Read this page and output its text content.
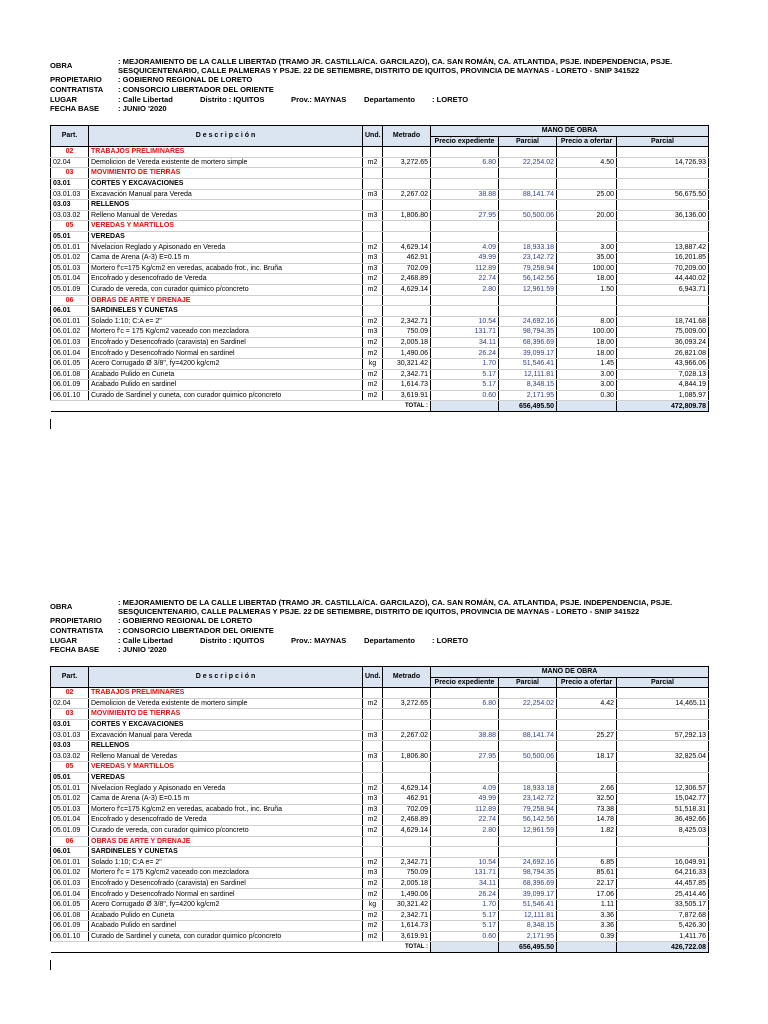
OBRA	: MEJORAMIENTO DE LA CALLE LIBERTAD (TRAMO JR. CASTILLA/CA. GARCILAZO), CA. SAN ROMÁN, CA. ATLANTIDA, PSJE. INDEPENDENCIA, PSJE.
SESQUICENTENARIO, CALLE PALMERAS Y PSJE. 22 DE SETIEMBRE, DISTRITO DE IQUITOS, PROVINCIA DE MAYNAS - LORETO - SNIP 341522
PROPIETARIO : GOBIERNO REGIONAL DE LORETO
CONTRATISTA : CONSORCIO LIBERTADOR DEL ORIENTE
LUGAR	: Calle Libertad	Distrito : IQUITOS	Prov.: MAYNAS Departamento : LORETO
FECHA BASE : JUNIO '2020
Part.	D e s c r i p c i ó n	Und.	Metrado	MANO DE OBRA			
				Precio expediente	Parcial	Precio a ofertar	Parcial
02	TRABAJOS PRELIMINARES						
02.04	Demolicion de Vereda existente de mortero simple	m2	3,272.65	6.80	22,254.02	4.50	14,726.93
03	MOVIMIENTO DE TIERRAS						
03.01	CORTES Y EXCAVACIONES						
03.01.03	Excavación Manual para Vereda	m3	2,267.02	38.88	88,141.74	25.00	56,675.50
03.03	RELLENOS						
03.03.02	Relleno Manual de Veredas	m3	1,806.80	27.95	50,500.06	20.00	36,136.00
05	VEREDAS Y MARTILLOS						
05.01	VEREDAS						
05.01.01	Nivelacion Reglado y Apisonado en Vereda	m2	4,629.14	4.09	18,933.18	3.00	13,887.42
05.01.02	Cama de Arena (A-3) E=0.15 m	m3	462.91	49.99	23,142.72	35.00	16,201.85
05.01.03	Mortero f'c=175 Kg/cm2 en veredas, acabado frot., inc. Bruña	m3	702.09	112.89	79,258.94	100.00	70,209.00
05.01.04	Encofrado y desencofrado de Vereda	m2	2,468.89	22.74	56,142.56	18.00	44,440.02
05.01.09	Curado de vereda, con curador quimico p/concreto	m2	4,629.14	2.80	12,961.59	1.50	6,943.71
06	OBRAS DE ARTE Y DRENAJE						
06.01	SARDINELES Y CUNETAS						
06.01.01	Solado 1:10; C:A e= 2"	m2	2,342.71	10.54	24,692.16	8.00	18,741.68
06.01.02	Mortero f'c = 175 Kg/cm2 vaceado con mezcladora	m3	750.09	131.71	98,794.35	100.00	75,009.00
06.01.03	Encofrado y Desencofrado (caravista) en Sardinel	m2	2,005.18	34.11	68,396.69	18.00	36,093.24
06.01.04	Encofrado y Desencofrado Normal en sardinel	m2	1,490.06	26.24	39,099.17	18.00	26,821.08
06.01.05	Acero Corrugado Ø 3/8", fy=4200 kg/cm2	kg	30,321.42	1.70	51,546.41	1.45	43,966.06
06.01.08	Acabado Pulido en Cuneta	m2	2,342.71	5.17	12,111.81	3.00	7,028.13
06.01.09	Acabado Pulido en sardinel	m2	1,614.73	5.17	8,348.15	3.00	4,844.19
06.01.10	Curado de Sardinel y cuneta, con curador quimico p/concreto	m2	3,619.91	0.60	2,171.95	0.30	1,085.97
TOTAL :					656,495.50		472,809.78
OBRA	: MEJORAMIENTO DE LA CALLE LIBERTAD (TRAMO JR. CASTILLA/CA. GARCILAZO), CA. SAN ROMÁN, CA. ATLANTIDA, PSJE. INDEPENDENCIA, PSJE.
SESQUICENTENARIO, CALLE PALMERAS Y PSJE. 22 DE SETIEMBRE, DISTRITO DE IQUITOS, PROVINCIA DE MAYNAS - LORETO - SNIP 341522
PROPIETARIO : GOBIERNO REGIONAL DE LORETO
CONTRATISTA : CONSORCIO LIBERTADOR DEL ORIENTE
LUGAR	: Calle Libertad	Distrito : IQUITOS	Prov.: MAYNAS Departamento : LORETO
FECHA BASE : JUNIO '2020
Part.	D e s c r i p c i ó n	Und.	Metrado	MANO DE OBRA			
				Precio expediente	Parcial	Precio a ofertar	Parcial
02	TRABAJOS PRELIMINARES						
02.04	Demolicion de Vereda existente de mortero simple	m2	3,272.65	6.80	22,254.02	4.42	14,465.11
03	MOVIMIENTO DE TIERRAS						
03.01	CORTES Y EXCAVACIONES						
03.01.03	Excavación Manual para Vereda	m3	2,267.02	38.88	88,141.74	25.27	57,292.13
03.03	RELLENOS						
03.03.02	Relleno Manual de Veredas	m3	1,806.80	27.95	50,500.06	18.17	32,825.04
05	VEREDAS Y MARTILLOS						
05.01	VEREDAS						
05.01.01	Nivelacion Reglado y Apisonado en Vereda	m2	4,629.14	4.09	18,933.18	2.66	12,306.57
05.01.02	Cama de Arena (A-3) E=0.15 m	m3	462.91	49.99	23,142.72	32.50	15,042.77
05.01.03	Mortero f'c=175 Kg/cm2 en veredas, acabado frot., inc. Bruña	m3	702.09	112.89	79,258.94	73.38	51,518.31
05.01.04	Encofrado y desencofrado de Vereda	m2	2,468.89	22.74	56,142.56	14.78	36,492.66
05.01.09	Curado de vereda, con curador quimico p/concreto	m2	4,629.14	2.80	12,961.59	1.82	8,425.03
06	OBRAS DE ARTE Y DRENAJE						
06.01	SARDINELES Y CUNETAS						
06.01.01	Solado 1:10; C:A e= 2"	m2	2,342.71	10.54	24,692.16	6.85	16,049.91
06.01.02	Mortero f'c = 175 Kg/cm2 vaceado con mezcladora	m3	750.09	131.71	98,794.35	85.61	64,216.33
06.01.03	Encofrado y Desencofrado (caravista) en Sardinel	m2	2,005.18	34.11	68,396.69	22.17	44,457.85
06.01.04	Encofrado y Desencofrado Normal en sardinel	m2	1,490.06	26.24	39,099.17	17.06	25,414.46
06.01.05	Acero Corrugado Ø 3/8", fy=4200 kg/cm2	kg	30,321.42	1.70	51,546.41	1.11	33,505.17
06.01.08	Acabado Pulido en Cuneta	m2	2,342.71	5.17	12,111.81	3.36	7,872.68
06.01.09	Acabado Pulido en sardinel	m2	1,614.73	5.17	8,348.15	3.36	5,426.30
06.01.10	Curado de Sardinel y cuneta, con curador quimico p/concreto	m2	3,619.91	0.60	2,171.95	0.39	1,411.76
TOTAL :					656,495.50		426,722.08
